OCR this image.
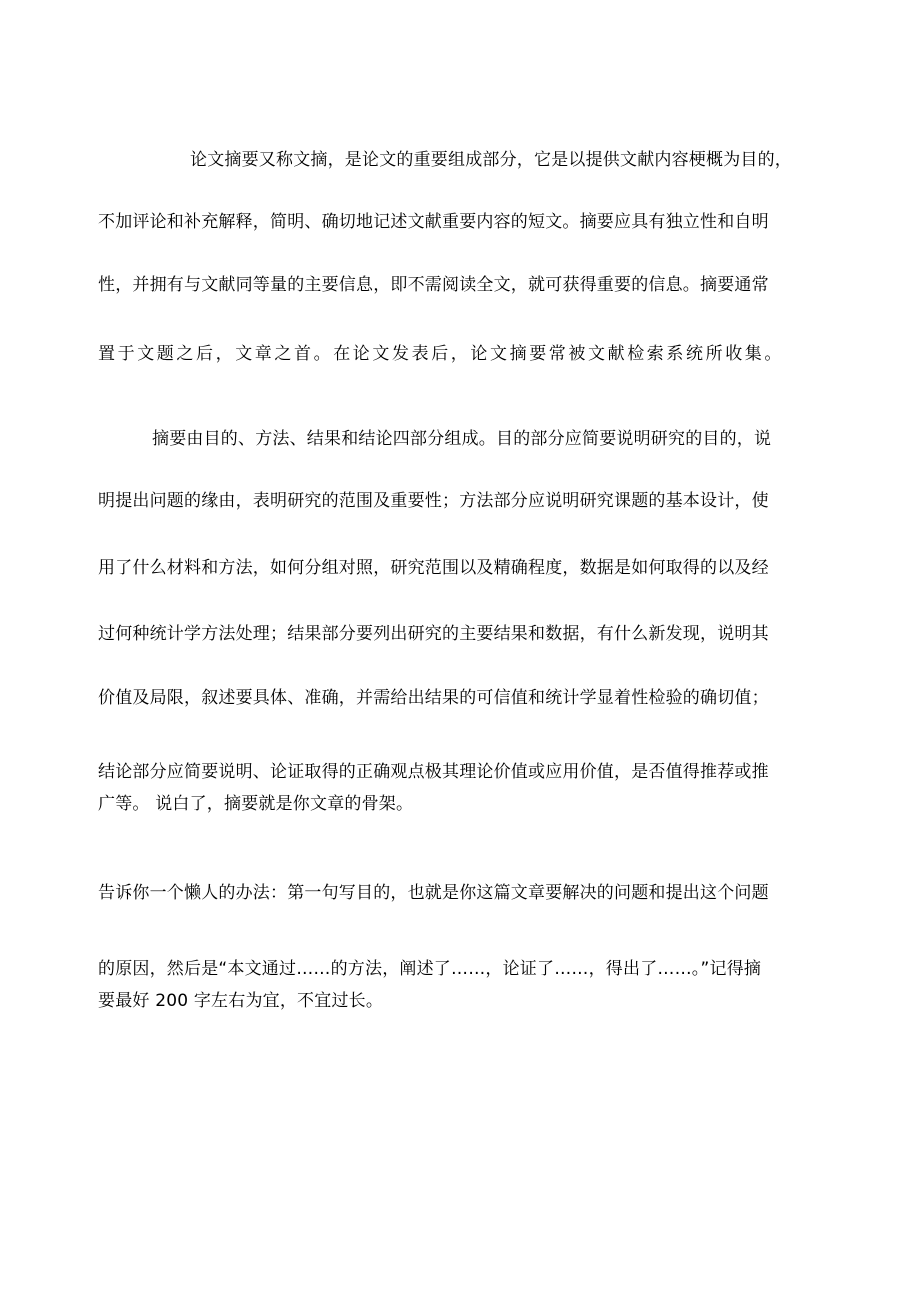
论文摘要又称文摘，是论文的重要组成部分，它是以提供文献内容梗概为目的，
不加评论和补充解释，简明、确切地记述文献重要内容的短文。摘要应具有独立性和自明
性，并拥有与文献同等量的主要信息，即不需阅读全文，就可获得重要的信息。摘要通常
置于文题之后，文章之首。在论文发表后，论文摘要常被文献检索系统所收集。
摘要由目的、方法、结果和结论四部分组成。目的部分应简要说明研究的目的，说
明提出问题的缘由，表明研究的范围及重要性；方法部分应说明研究课题的基本设计，使
用了什么材料和方法，如何分组对照，研究范围以及精确程度，数据是如何取得的以及经
过何种统计学方法处理；结果部分要列出研究的主要结果和数据，有什么新发现，说明其
价值及局限，叙述要具体、准确，并需给出结果的可信值和统计学显着性检验的确切值；
结论部分应简要说明、论证取得的正确观点极其理论价值或应用价值，是否值得推荐或推
广等。 说白了，摘要就是你文章的骨架。
告诉你一个懒人的办法：第一句写目的，也就是你这篇文章要解决的问题和提出这个问题
的原因，然后是“本文通过……的方法，阐述了……，论证了……，得出了……。”记得摘
要最好 200 字左右为宜，不宜过长。
